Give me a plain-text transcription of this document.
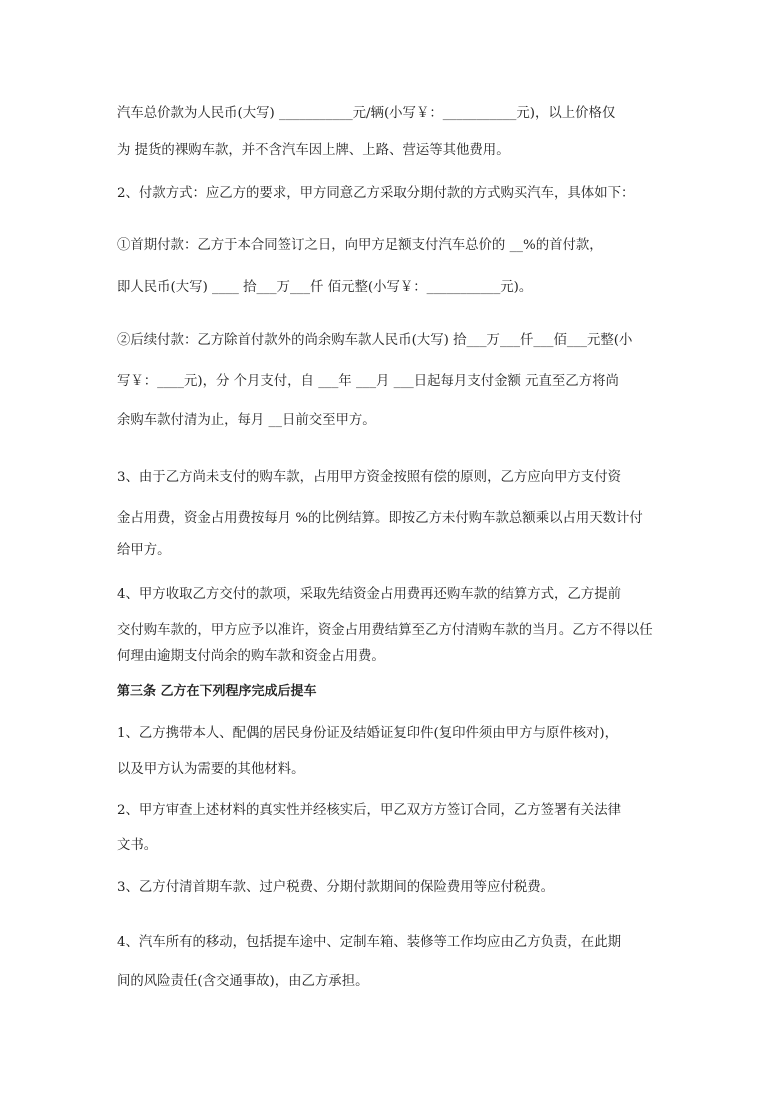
汽车总价款为人民币(大写) ___________元/辆(小写￥：___________元)，以上价格仅
为 提货的裸购车款，并不含汽车因上牌、上路、营运等其他费用。
2、付款方式：应乙方的要求，甲方同意乙方采取分期付款的方式购买汽车，具体如下：
①首期付款：乙方于本合同签订之日，向甲方足额支付汽车总价的 __%的首付款，
即人民币(大写) ____ 拾___万___仟 佰元整(小写￥：___________元)。
②后续付款：乙方除首付款外的尚余购车款人民币(大写) 拾___万___仟___佰___元整(小
写￥：____元)，分 个月支付，自 ___年 ___月 ___日起每月支付金额 元直至乙方将尚
余购车款付清为止，每月 __日前交至甲方。
3、由于乙方尚未支付的购车款，占用甲方资金按照有偿的原则，乙方应向甲方支付资
金占用费，资金占用费按每月 %的比例结算。即按乙方未付购车款总额乘以占用天数计付
给甲方。
4、甲方收取乙方交付的款项，采取先结资金占用费再还购车款的结算方式，乙方提前
交付购车款的，甲方应予以准许，资金占用费结算至乙方付清购车款的当月。乙方不得以任
何理由逾期支付尚余的购车款和资金占用费。
第三条 乙方在下列程序完成后提车
1、乙方携带本人、配偶的居民身份证及结婚证复印件(复印件须由甲方与原件核对)，
以及甲方认为需要的其他材料。
2、甲方审查上述材料的真实性并经核实后，甲乙双方方签订合同，乙方签署有关法律
文书。
3、乙方付清首期车款、过户税费、分期付款期间的保险费用等应付税费。
4、汽车所有的移动，包括提车途中、定制车箱、装修等工作均应由乙方负责，在此期
间的风险责任(含交通事故)，由乙方承担。
